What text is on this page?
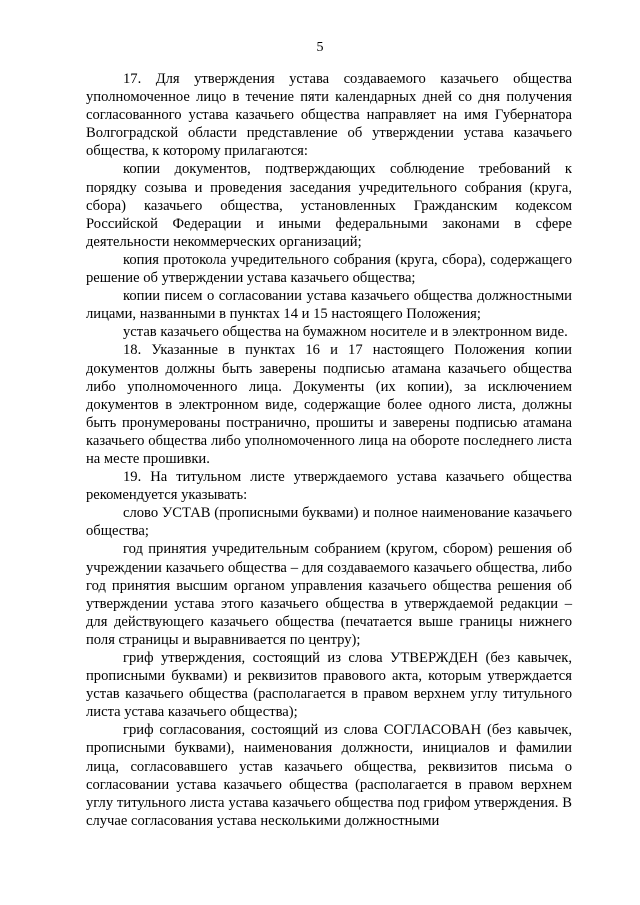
5

17. Для утверждения устава создаваемого казачьего общества уполномоченное лицо в течение пяти календарных дней со дня получения согласованного устава казачьего общества направляет на имя Губернатора Волгоградской области представление об утверждении устава казачьего общества, к которому прилагаются:

копии документов, подтверждающих соблюдение требований к порядку созыва и проведения заседания учредительного собрания (круга, сбора) казачьего общества, установленных Гражданским кодексом Российской Федерации и иными федеральными законами в сфере деятельности некоммерческих организаций;

копия протокола учредительного собрания (круга, сбора), содержащего решение об утверждении устава казачьего общества;

копии писем о согласовании устава казачьего общества должностными лицами, названными в пунктах 14 и 15 настоящего Положения;

устав казачьего общества на бумажном носителе и в электронном виде.

18. Указанные в пунктах 16 и 17 настоящего Положения копии документов должны быть заверены подписью атамана казачьего общества либо уполномоченного лица. Документы (их копии), за исключением документов в электронном виде, содержащие более одного листа, должны быть пронумерованы постранично, прошиты и заверены подписью атамана казачьего общества либо уполномоченного лица на обороте последнего листа на месте прошивки.

19. На титульном листе утверждаемого устава казачьего общества рекомендуется указывать:

слово УСТАВ (прописными буквами) и полное наименование казачьего общества;

год принятия учредительным собранием (кругом, сбором) решения об учреждении казачьего общества – для создаваемого казачьего общества, либо год принятия высшим органом управления казачьего общества решения об утверждении устава этого казачьего общества в утверждаемой редакции – для действующего казачьего общества (печатается выше границы нижнего поля страницы и выравнивается по центру);

гриф утверждения, состоящий из слова УТВЕРЖДЕН (без кавычек, прописными буквами) и реквизитов правового акта, которым утверждается устав казачьего общества (располагается в правом верхнем углу титульного листа устава казачьего общества);

гриф согласования, состоящий из слова СОГЛАСОВАН (без кавычек, прописными буквами), наименования должности, инициалов и фамилии лица, согласовавшего устав казачьего общества, реквизитов письма о согласовании устава казачьего общества (располагается в правом верхнем углу титульного листа устава казачьего общества под грифом утверждения. В случае согласования устава несколькими должностными
